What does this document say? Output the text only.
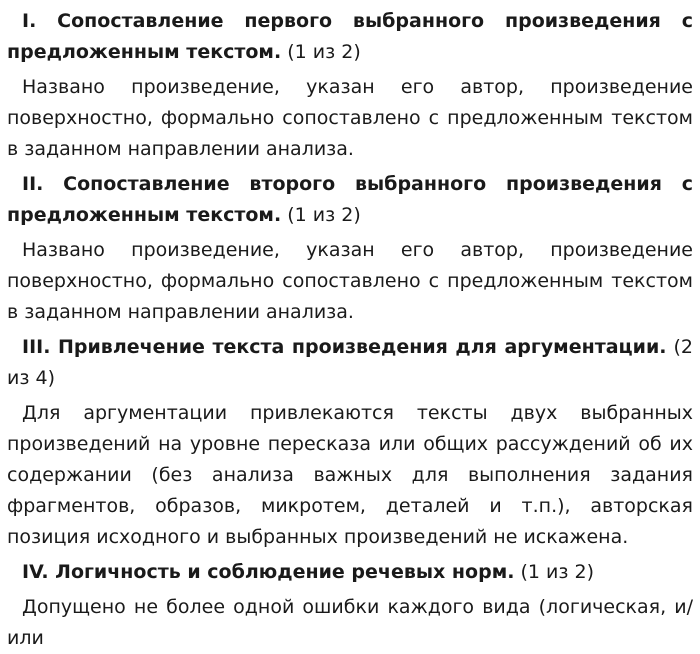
I. Сопоставление первого выбранного произведения с предложенным текстом. (1 из 2)

Названо произведение, указан его автор, произведение поверхностно, формально сопоставлено с предложенным текстом в заданном направлении анализа.

II. Сопоставление второго выбранного произведения с предложенным текстом. (1 из 2)

Названо произведение, указан его автор, произведение поверхностно, формально сопоставлено с предложенным текстом в заданном направлении анализа.

III. Привлечение текста произведения для аргументации. (2 из 4)

Для аргументации привлекаются тексты двух выбранных произведений на уровне пересказа или общих рассуждений об их содержании (без анализа важных для выполнения задания фрагментов, образов, микротем, деталей и т.п.), авторская позиция исходного и выбранных произведений не искажена.

IV. Логичность и соблюдение речевых норм. (1 из 2)

Допущено не более одной ошибки каждого вида (логическая, и/или
